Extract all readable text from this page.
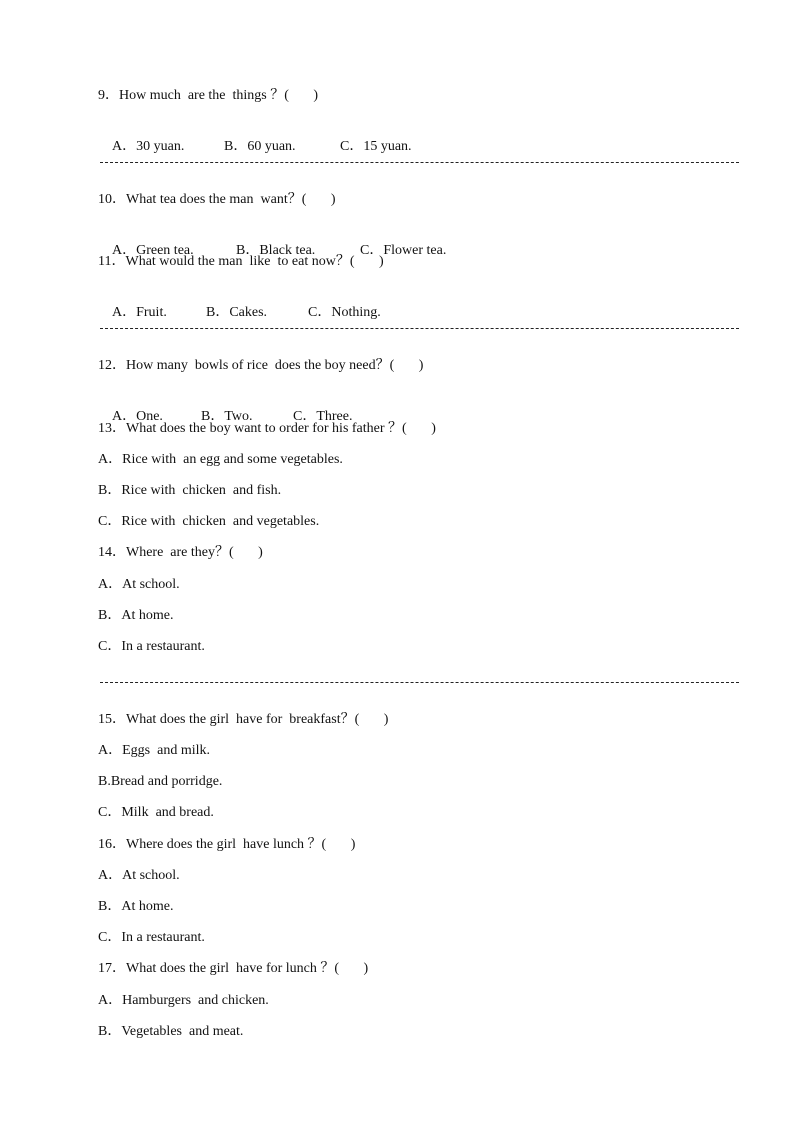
9．How much  are the  things ？(       )

A．30 yuan.	B．60 yuan.	C．15 yuan.

10．What tea does the man  want？(       )

A．Green tea.	B．Black tea.	C．Flower tea.

11．What would the man  like  to eat now？(       )

A．Fruit.	B．Cakes.	C．Nothing.

12．How many  bowls of rice  does the boy need？(       )

A．One.	B．Two.	C．Three.

13．What does the boy want to order for his father ？(       )
A．Rice with  an egg and some vegetables.
B．Rice with  chicken  and fish.
C．Rice with  chicken  and vegetables.
14．Where  are they？(       )
A．At school.
B．At home.
C．In a restaurant.
15．What does the girl  have for  breakfast？(       )
A．Eggs  and milk.
B.Bread and porridge.
C．Milk  and bread.
16．Where does the girl  have lunch ？(       )
A．At school.
B．At home.
C．In a restaurant.
17．What does the girl  have for lunch ？(       )
A．Hamburgers  and chicken.
B．Vegetables  and meat.
